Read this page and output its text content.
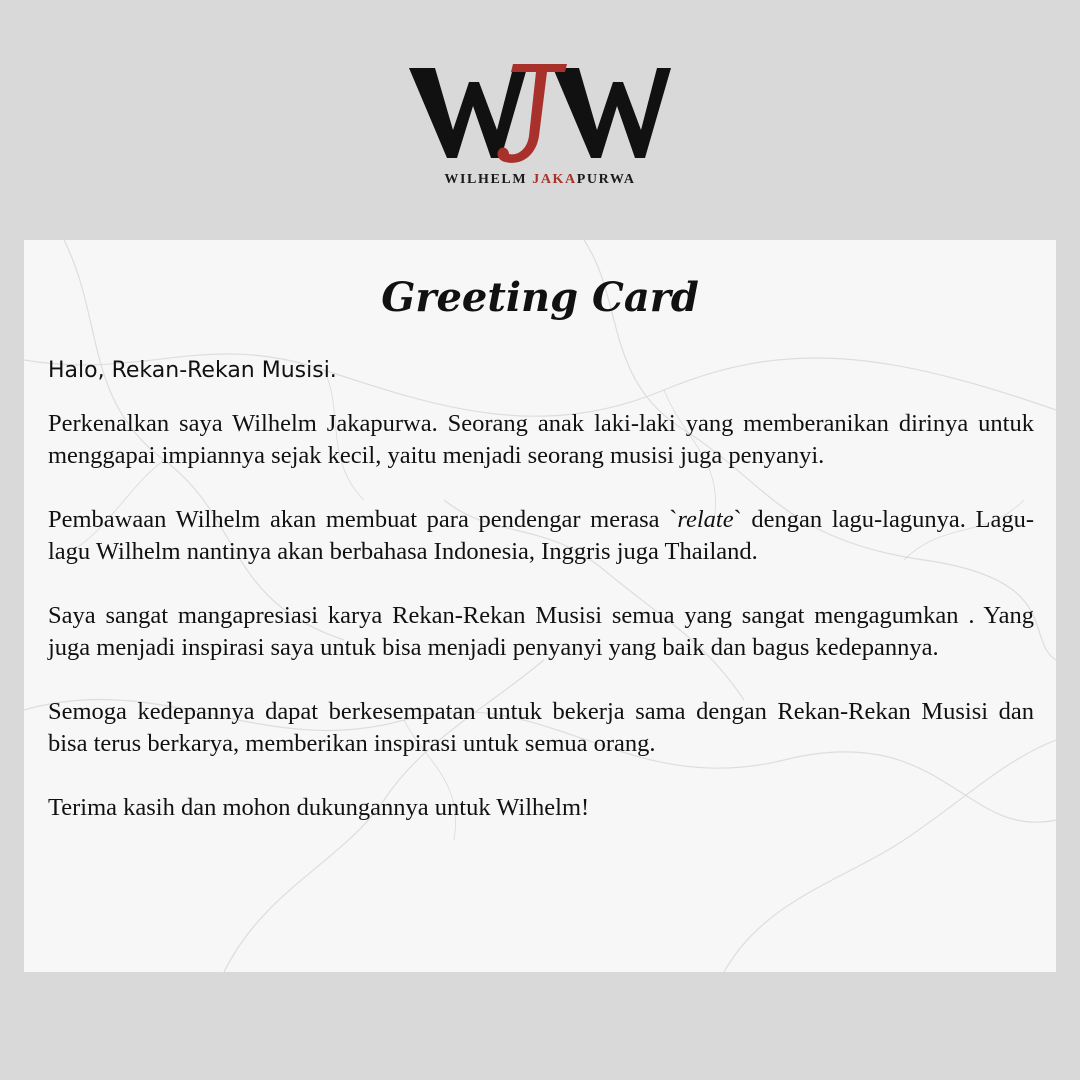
WILHELM JAKAPURWA
Greeting Card
Halo, Rekan-Rekan Musisi.

Perkenalkan saya Wilhelm Jakapurwa. Seorang anak laki-laki yang memberanikan dirinya untuk menggapai impiannya sejak kecil, yaitu menjadi seorang musisi juga penyanyi.

Pembawaan Wilhelm akan membuat para pendengar merasa `relate` dengan lagu-lagunya. Lagu-lagu Wilhelm nantinya akan berbahasa Indonesia, Inggris juga Thailand.

Saya sangat mangapresiasi karya Rekan-Rekan Musisi semua yang sangat mengagumkan . Yang juga menjadi inspirasi saya untuk bisa menjadi penyanyi yang baik dan bagus kedepannya.

Semoga kedepannya dapat berkesempatan untuk bekerja sama dengan Rekan-Rekan Musisi dan bisa terus berkarya, memberikan inspirasi untuk semua orang.

Terima kasih dan mohon dukungannya untuk Wilhelm!
